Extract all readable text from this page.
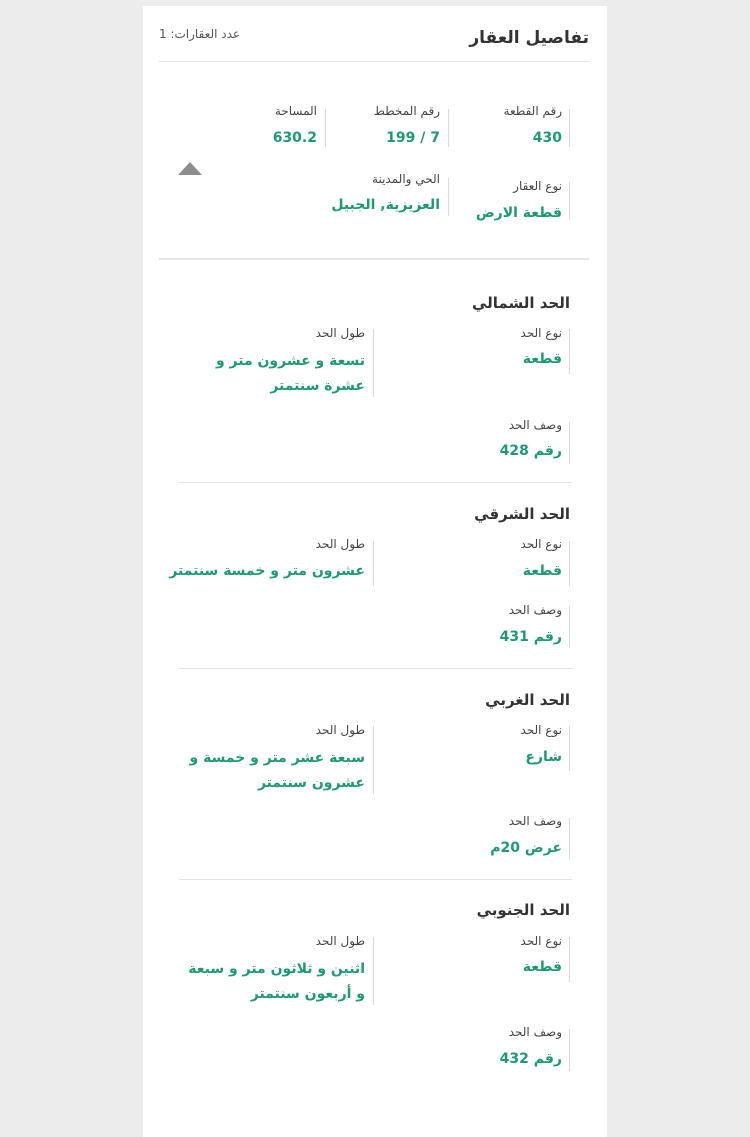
تفاصيل العقار
عدد العقارات: 1
رقم القطعة
430
رقم المخطط
7 / 199
المساحة
630.2
نوع العقار
قطعة الارض
الحي والمدينة
العزيزية, الجبيل
الحد الشمالي
نوع الحد
قطعة
طول الحد
تسعة و عشرون متر و عشرة سنتمتر
وصف الحد
رقم 428
الحد الشرقي
نوع الحد
قطعة
طول الحد
عشرون متر و خمسة سنتمتر
وصف الحد
رقم 431
الحد الغربي
نوع الحد
شارع
طول الحد
سبعة عشر متر و خمسة و عشرون سنتمتر
وصف الحد
عرض 20م
الحد الجنوبي
نوع الحد
قطعة
طول الحد
اثنين و ثلاثون متر و سبعة و أربعون سنتمتر
وصف الحد
رقم 432
